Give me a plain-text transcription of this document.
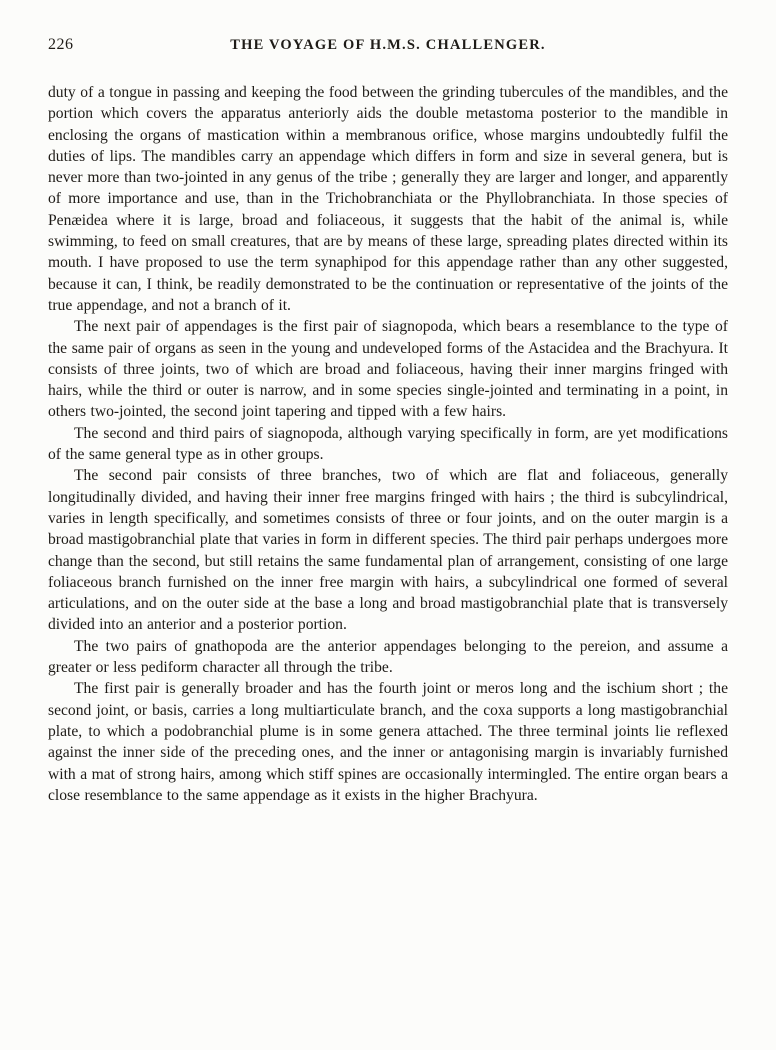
226	THE VOYAGE OF H.M.S. CHALLENGER.

duty of a tongue in passing and keeping the food between the grinding tubercules of the mandibles, and the portion which covers the apparatus anteriorly aids the double metastoma posterior to the mandible in enclosing the organs of mastication within a membranous orifice, whose margins undoubtedly fulfil the duties of lips. The mandibles carry an appendage which differs in form and size in several genera, but is never more than two-jointed in any genus of the tribe ; generally they are larger and longer, and apparently of more importance and use, than in the Trichobranchiata or the Phyllobranchiata. In those species of Penæidea where it is large, broad and foliaceous, it suggests that the habit of the animal is, while swimming, to feed on small creatures, that are by means of these large, spreading plates directed within its mouth. I have proposed to use the term synaphipod for this appendage rather than any other suggested, because it can, I think, be readily demonstrated to be the continuation or representative of the joints of the true appendage, and not a branch of it.

The next pair of appendages is the first pair of siagnopoda, which bears a resemblance to the type of the same pair of organs as seen in the young and undeveloped forms of the Astacidea and the Brachyura. It consists of three joints, two of which are broad and foliaceous, having their inner margins fringed with hairs, while the third or outer is narrow, and in some species single-jointed and terminating in a point, in others two-jointed, the second joint tapering and tipped with a few hairs.

The second and third pairs of siagnopoda, although varying specifically in form, are yet modifications of the same general type as in other groups.

The second pair consists of three branches, two of which are flat and foliaceous, generally longitudinally divided, and having their inner free margins fringed with hairs ; the third is subcylindrical, varies in length specifically, and sometimes consists of three or four joints, and on the outer margin is a broad mastigobranchial plate that varies in form in different species. The third pair perhaps undergoes more change than the second, but still retains the same fundamental plan of arrangement, consisting of one large foliaceous branch furnished on the inner free margin with hairs, a subcylindrical one formed of several articulations, and on the outer side at the base a long and broad mastigobranchial plate that is transversely divided into an anterior and a posterior portion.

The two pairs of gnathopoda are the anterior appendages belonging to the pereion, and assume a greater or less pediform character all through the tribe.

The first pair is generally broader and has the fourth joint or meros long and the ischium short ; the second joint, or basis, carries a long multiarticulate branch, and the coxa supports a long mastigobranchial plate, to which a podobranchial plume is in some genera attached. The three terminal joints lie reflexed against the inner side of the preceding ones, and the inner or antagonising margin is invariably furnished with a mat of strong hairs, among which stiff spines are occasionally intermingled. The entire organ bears a close resemblance to the same appendage as it exists in the higher Brachyura.
